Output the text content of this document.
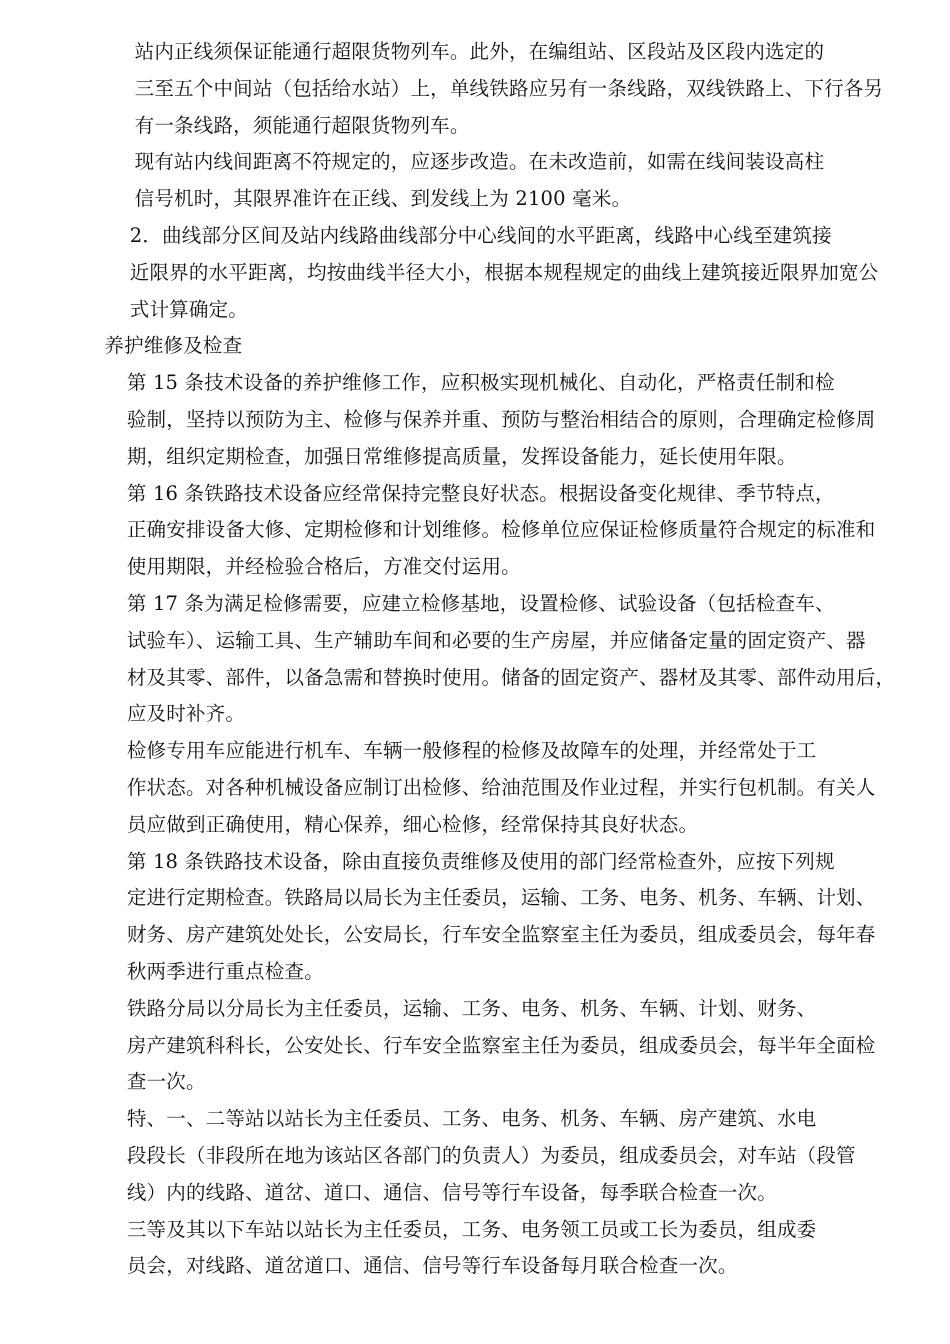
站内正线须保证能通行超限货物列车。此外，在编组站、区段站及区段内选定的
三至五个中间站（包括给水站）上，单线铁路应另有一条线路，双线铁路上、下行各另
有一条线路，须能通行超限货物列车。

现有站内线间距离不符规定的，应逐步改造。在未改造前，如需在线间装设高柱
信号机时，其限界准许在正线、到发线上为 2100 毫米。

2．曲线部分区间及站内线路曲线部分中心线间的水平距离，线路中心线至建筑接
近限界的水平距离，均按曲线半径大小，根据本规程规定的曲线上建筑接近限界加宽公
式计算确定。

养护维修及检查

第 15 条技术设备的养护维修工作，应积极实现机械化、自动化，严格责任制和检
验制，坚持以预防为主、检修与保养并重、预防与整治相结合的原则，合理确定检修周
期，组织定期检查，加强日常维修提高质量，发挥设备能力，延长使用年限。

第 16 条铁路技术设备应经常保持完整良好状态。根据设备变化规律、季节特点，
正确安排设备大修、定期检修和计划维修。检修单位应保证检修质量符合规定的标准和
使用期限，并经检验合格后，方准交付运用。

第 17 条为满足检修需要，应建立检修基地，设置检修、试验设备（包括检查车、
试验车）、运输工具、生产辅助车间和必要的生产房屋，并应储备定量的固定资产、器
材及其零、部件，以备急需和替换时使用。储备的固定资产、器材及其零、部件动用后，
应及时补齐。

检修专用车应能进行机车、车辆一般修程的检修及故障车的处理，并经常处于工
作状态。对各种机械设备应制订出检修、给油范围及作业过程，并实行包机制。有关人
员应做到正确使用，精心保养，细心检修，经常保持其良好状态。

第 18 条铁路技术设备，除由直接负责维修及使用的部门经常检查外，应按下列规
定进行定期检查。铁路局以局长为主任委员，运输、工务、电务、机务、车辆、计划、
财务、房产建筑处处长，公安局长，行车安全监察室主任为委员，组成委员会，每年春
秋两季进行重点检查。

铁路分局以分局长为主任委员，运输、工务、电务、机务、车辆、计划、财务、
房产建筑科科长，公安处长、行车安全监察室主任为委员，组成委员会，每半年全面检
查一次。

特、一、二等站以站长为主任委员、工务、电务、机务、车辆、房产建筑、水电
段段长（非段所在地为该站区各部门的负责人）为委员，组成委员会，对车站（段管
线）内的线路、道岔、道口、通信、信号等行车设备，每季联合检查一次。

三等及其以下车站以站长为主任委员，工务、电务领工员或工长为委员，组成委
员会，对线路、道岔道口、通信、信号等行车设备每月联合检查一次。
